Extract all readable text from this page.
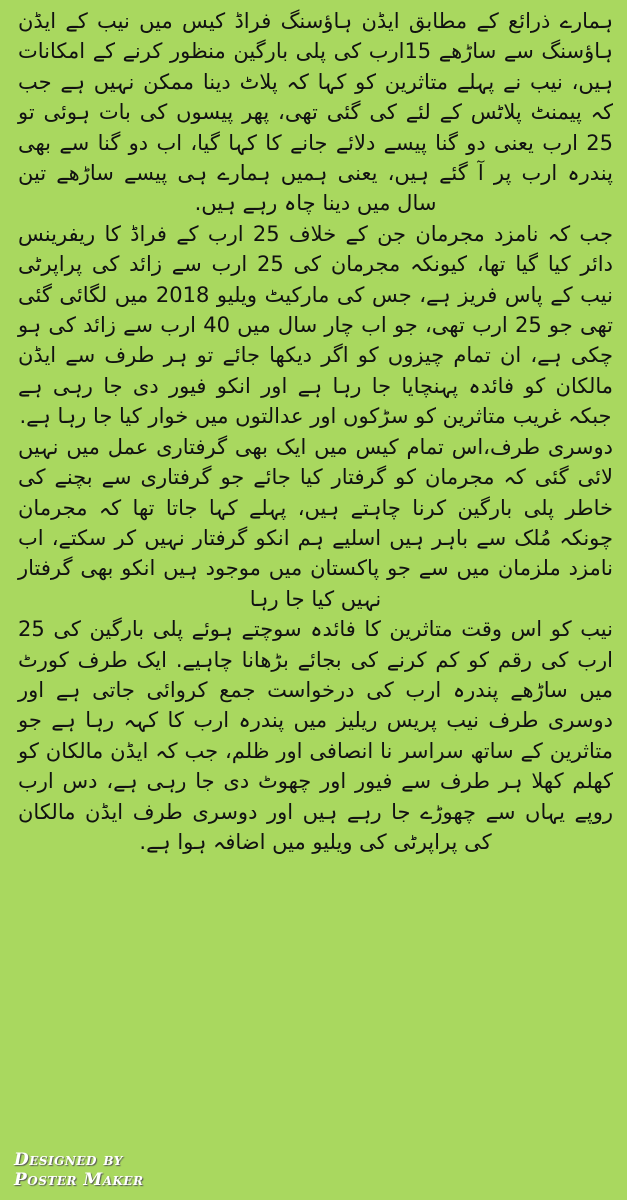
ہمارے ذرائع کے مطابق ایڈن ہاؤسنگ فراڈ کیس میں نیب کے ایڈن ہاؤسنگ سے ساڑھے 15ارب کی پلی بارگین منظور کرنے کے امکانات ہیں، نیب نے پہلے متاثرین کو کہا کہ پلاٹ دینا ممکن نہیں ہے جب کہ پیمنٹ پلاٹس کے لئے کی گئی تھی، پھر پیسوں کی بات ہوئی تو 25 ارب یعنی دو گنا پیسے دلائے جانے کا کہا گیا، اب دو گنا سے بھی پندرہ ارب پر آ گئے ہیں، یعنی ہمیں ہمارے ہی پیسے ساڑھے تین سال میں دینا چاہ رہے ہیں.

جب کہ نامزد مجرمان جن کے خلاف 25 ارب کے فراڈ کا ریفرینس دائر کیا گیا تھا، کیونکہ مجرمان کی 25 ارب سے زائد کی پراپرٹی نیب کے پاس فریز ہے، جس کی مارکیٹ ویلیو 2018 میں لگائی گئی تھی جو 25 ارب تھی، جو اب چار سال میں 40 ارب سے زائد کی ہو چکی ہے، ان تمام چیزوں کو اگر دیکھا جائے تو ہر طرف سے ایڈن مالکان کو فائدہ پہنچایا جا رہا ہے اور انکو فیور دی جا رہی ہے جبکہ غریب متاثرین کو سڑکوں اور عدالتوں میں خوار کیا جا رہا ہے.

دوسری طرف،اس تمام کیس میں ایک بھی گرفتاری عمل میں نہیں لائی گئی کہ مجرمان کو گرفتار کیا جائے جو گرفتاری سے بچنے کی خاطر پلی بارگین کرنا چاہتے ہیں، پہلے کہا جاتا تھا کہ مجرمان چونکہ مُلک سے باہر ہیں اسلیے ہم انکو گرفتار نہیں کر سکتے، اب نامزد ملزمان میں سے جو پاکستان میں موجود ہیں انکو بھی گرفتار نہیں کیا جا رہا

نیب کو اس وقت متاثرین کا فائدہ سوچتے ہوئے پلی بارگین کی 25 ارب کی رقم کو کم کرنے کی بجائے بڑھانا چاہیے. ایک طرف کورٹ میں ساڑھے پندرہ ارب کی درخواست جمع کروائی جاتی ہے اور دوسری طرف نیب پریس ریلیز میں پندرہ ارب کا کہہ رہا ہے جو متاثرین کے ساتھ سراسر نا انصافی اور ظلم، جب کہ ایڈن مالکان کو کھلم کھلا ہر طرف سے فیور اور چھوٹ دی جا رہی ہے، دس ارب روپے یہاں سے چھوڑے جا رہے ہیں اور دوسری طرف ایڈن مالکان کی پراپرٹی کی ویلیو میں اضافہ ہوا ہے.

Designed by
Poster Maker
